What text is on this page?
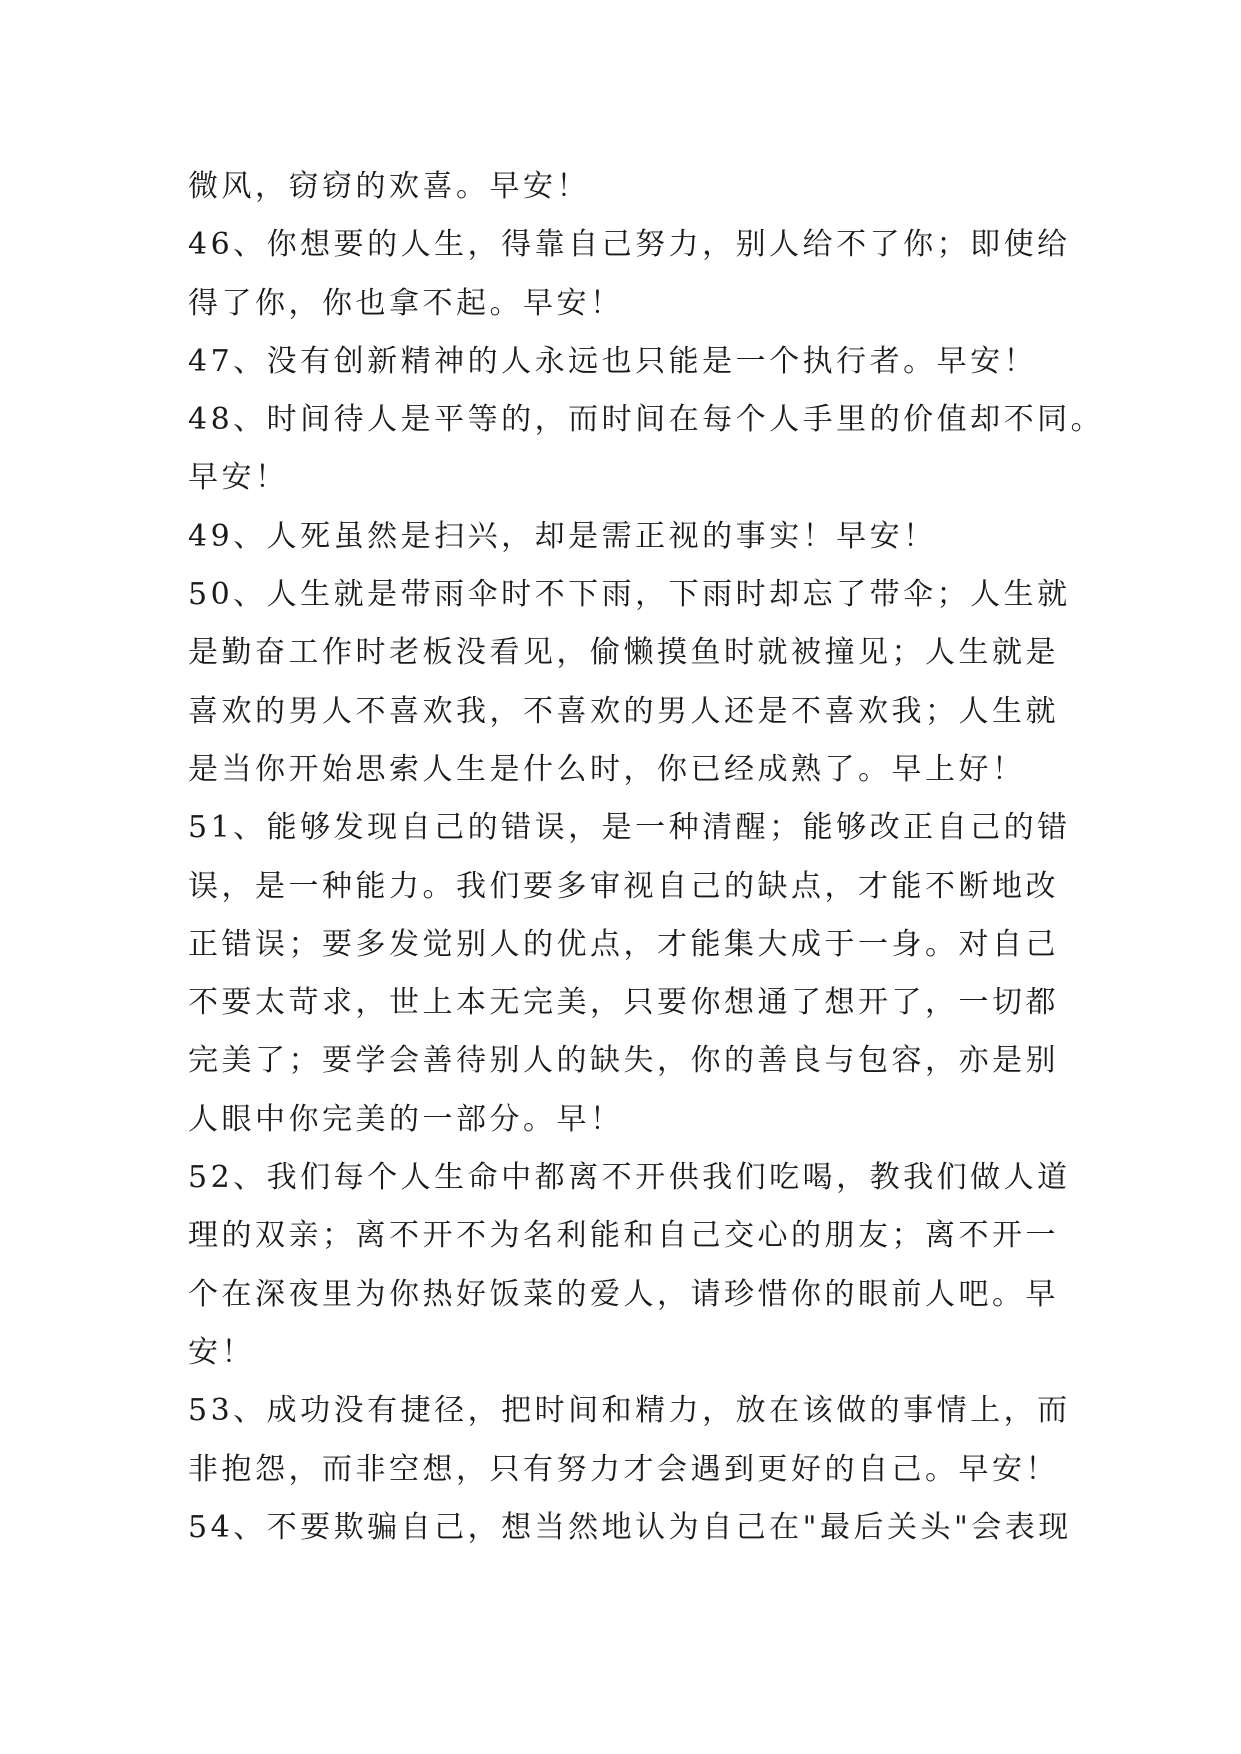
微风，窃窃的欢喜。早安！
46、你想要的人生，得靠自己努力，别人给不了你；即使给
得了你，你也拿不起。早安！
47、没有创新精神的人永远也只能是一个执行者。早安！
48、时间待人是平等的，而时间在每个人手里的价值却不同。
早安！
49、人死虽然是扫兴，却是需正视的事实！早安！
50、人生就是带雨伞时不下雨，下雨时却忘了带伞；人生就
是勤奋工作时老板没看见，偷懒摸鱼时就被撞见；人生就是
喜欢的男人不喜欢我，不喜欢的男人还是不喜欢我；人生就
是当你开始思索人生是什么时，你已经成熟了。早上好！
51、能够发现自己的错误，是一种清醒；能够改正自己的错
误，是一种能力。我们要多审视自己的缺点，才能不断地改
正错误；要多发觉别人的优点，才能集大成于一身。对自己
不要太苛求，世上本无完美，只要你想通了想开了，一切都
完美了；要学会善待别人的缺失，你的善良与包容，亦是别
人眼中你完美的一部分。早！
52、我们每个人生命中都离不开供我们吃喝，教我们做人道
理的双亲；离不开不为名利能和自己交心的朋友；离不开一
个在深夜里为你热好饭菜的爱人，请珍惜你的眼前人吧。早
安！
53、成功没有捷径，把时间和精力，放在该做的事情上，而
非抱怨，而非空想，只有努力才会遇到更好的自己。早安！
54、不要欺骗自己，想当然地认为自己在"最后关头"会表现
